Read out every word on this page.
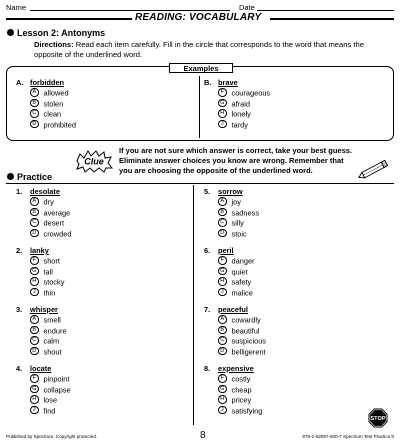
Name	Date
READING: VOCABULARY
Lesson 2: Antonyms
Directions: Read each item carefully. Fill in the circle that corresponds to the word that means the opposite of the underlined word.
Examples
Clue
If you are not sure which answer is correct, take your best guess. Eliminate answer choices you know are wrong. Remember that you are choosing the opposite of the underlined word.
Practice
A. forbidden
A allowed
B stolen
C clean
D prohibited
B. brave
F courageous
G afraid
H lonely
J tardy
1. desolate
A dry
B average
C desert
D crowded
2. lanky
F short
G tall
H stocky
J thin
3. whisper
A smell
B endure
C calm
D shout
4. locate
F pinpoint
G collapse
H lose
J find
5. sorrow
A joy
B sadness
C silly
D stoic
6. peril
F danger
G quiet
H safety
J malice
7. peaceful
A cowardly
B beautiful
C suspicious
D belligerent
8. expensive
F costly
G cheap
H pricey
J satisfying
Published by Spectrum. Copyright protected.	8	978-1-62057-600-7 Spectrum Test Practice 8
STOP
